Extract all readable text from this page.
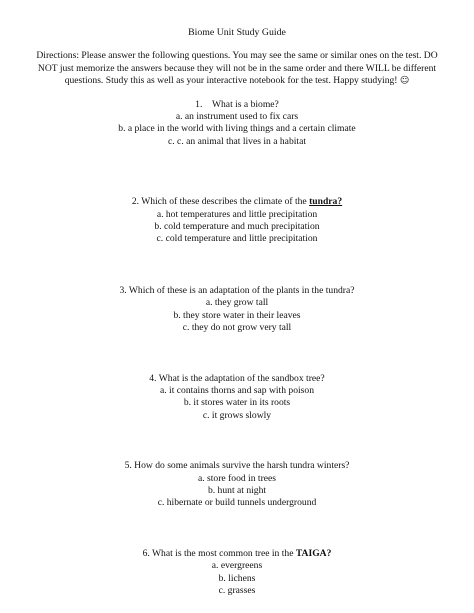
Biome Unit Study Guide
Directions: Please answer the following questions. You may see the same or similar ones on the test. DO NOT just memorize the answers because they will not be in the same order and there WILL be different questions. Study this as well as your interactive notebook for the test. Happy studying! ☺
1. What is a biome?
a. an instrument used to fix cars
b. a place in the world with living things and a certain climate
c. c. an animal that lives in a habitat
2. Which of these describes the climate of the tundra?
a. hot temperatures and little precipitation
b. cold temperature and much precipitation
c. cold temperature and little precipitation
3. Which of these is an adaptation of the plants in the tundra?
a. they grow tall
b. they store water in their leaves
c. they do not grow very tall
4. What is the adaptation of the sandbox tree?
a. it contains thorns and sap with poison
b. it stores water in its roots
c. it grows slowly
5. How do some animals survive the harsh tundra winters?
a. store food in trees
b. hunt at night
c. hibernate or build tunnels underground
6. What is the most common tree in the TAIGA?
a. evergreens
b. lichens
c. grasses
